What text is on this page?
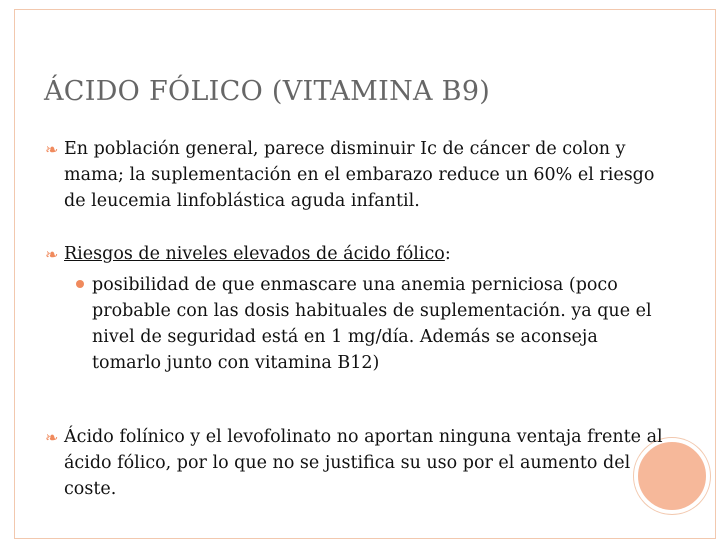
ÁCIDO FÓLICO (VITAMINA B9)
❧ En población general, parece disminuir Ic de cáncer de colon y mama; la suplementación en el embarazo reduce un 60% el riesgo de leucemia linfoblástica aguda infantil.
❧ Riesgos de niveles elevados de ácido fólico:
posibilidad de que enmascare una anemia perniciosa (poco probable con las dosis habituales de suplementación. ya que el nivel de seguridad está en 1 mg/día. Además se aconseja tomarlo junto con vitamina B12)
❧ Ácido folínico y el levofolinato no aportan ninguna ventaja frente al ácido fólico, por lo que no se justifica su uso por el aumento del coste.
